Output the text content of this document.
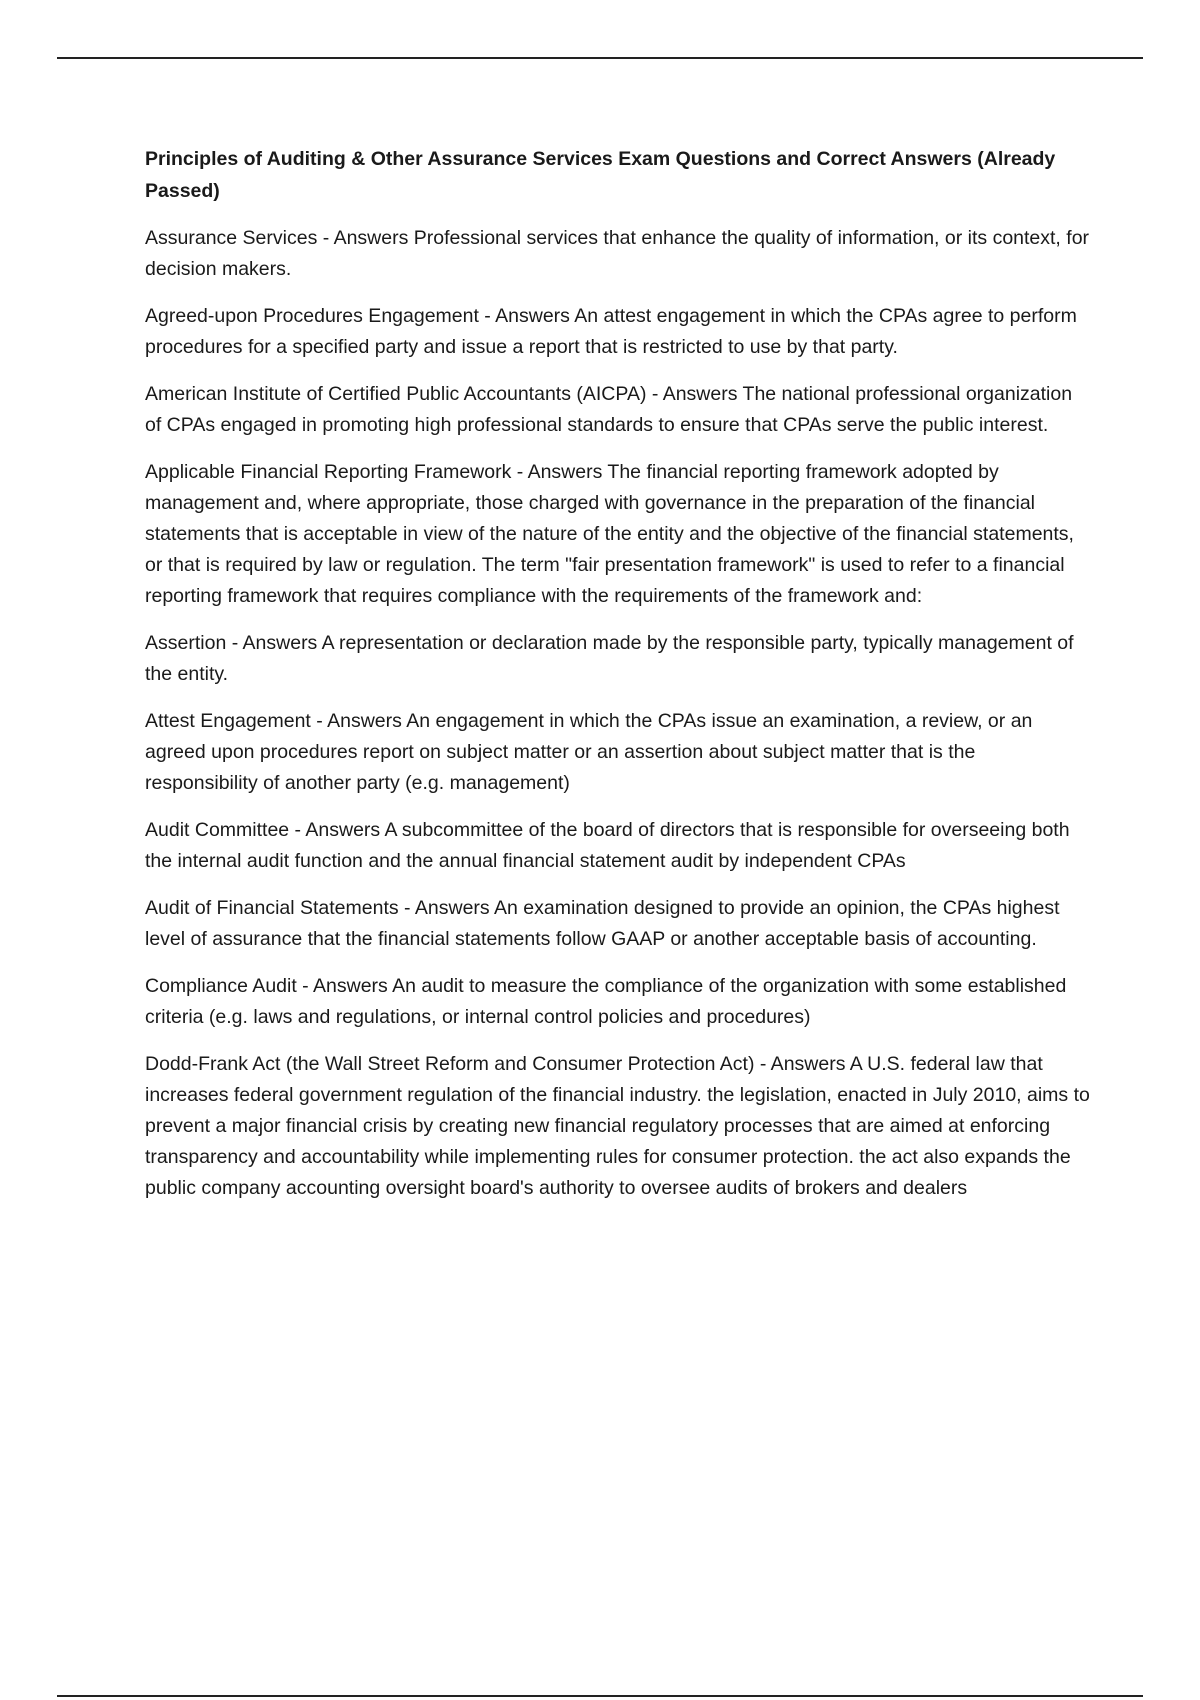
Principles of Auditing & Other Assurance Services Exam Questions and Correct Answers (Already Passed)

Assurance Services - Answers Professional services that enhance the quality of information, or its context, for decision makers.

Agreed-upon Procedures Engagement - Answers An attest engagement in which the CPAs agree to perform procedures for a specified party and issue a report that is restricted to use by that party.

American Institute of Certified Public Accountants (AICPA) - Answers The national professional organization of CPAs engaged in promoting high professional standards to ensure that CPAs serve the public interest.

Applicable Financial Reporting Framework - Answers The financial reporting framework adopted by management and, where appropriate, those charged with governance in the preparation of the financial statements that is acceptable in view of the nature of the entity and the objective of the financial statements, or that is required by law or regulation. The term "fair presentation framework" is used to refer to a financial reporting framework that requires compliance with the requirements of the framework and:

Assertion - Answers A representation or declaration made by the responsible party, typically management of the entity.

Attest Engagement - Answers An engagement in which the CPAs issue an examination, a review, or an agreed upon procedures report on subject matter or an assertion about subject matter that is the responsibility of another party (e.g. management)

Audit Committee - Answers A subcommittee of the board of directors that is responsible for overseeing both the internal audit function and the annual financial statement audit by independent CPAs

Audit of Financial Statements - Answers An examination designed to provide an opinion, the CPAs highest level of assurance that the financial statements follow GAAP or another acceptable basis of accounting.

Compliance Audit - Answers An audit to measure the compliance of the organization with some established criteria (e.g. laws and regulations, or internal control policies and procedures)

Dodd-Frank Act (the Wall Street Reform and Consumer Protection Act) - Answers A U.S. federal law that increases federal government regulation of the financial industry. the legislation, enacted in July 2010, aims to prevent a major financial crisis by creating new financial regulatory processes that are aimed at enforcing transparency and accountability while implementing rules for consumer protection. the act also expands the public company accounting oversight board's authority to oversee audits of brokers and dealers
